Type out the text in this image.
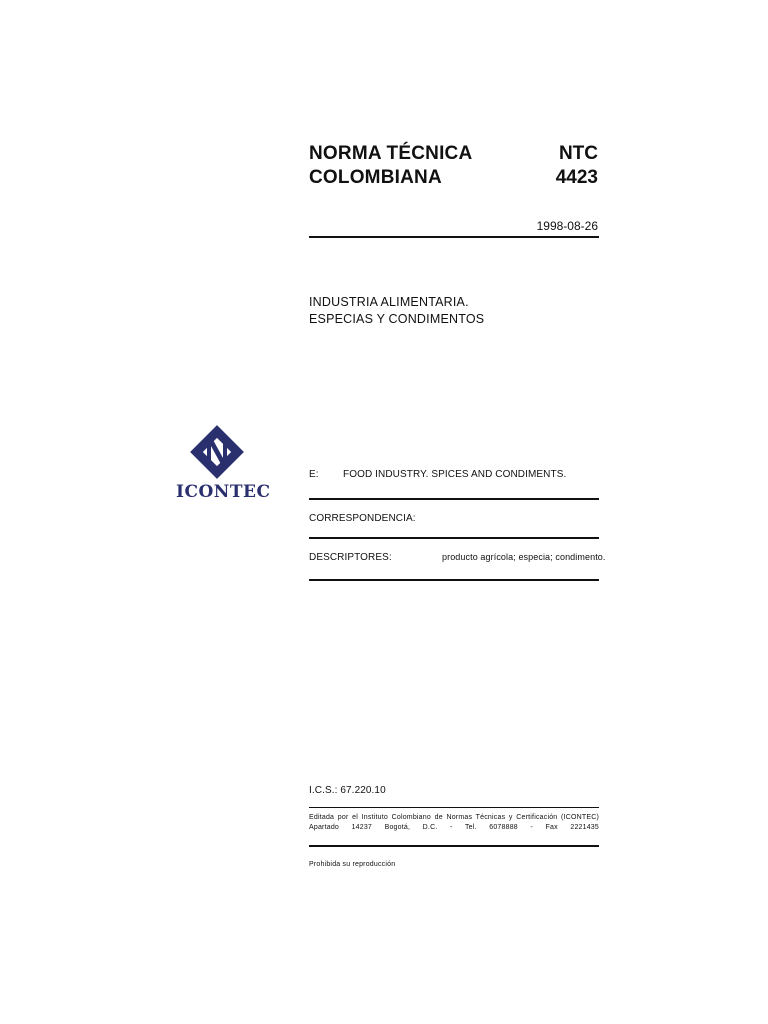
NORMA TÉCNICA
COLOMBIANA
NTC
4423
1998-08-26
INDUSTRIA ALIMENTARIA.
ESPECIAS Y CONDIMENTOS
ICONTEC
E: FOOD INDUSTRY. SPICES AND CONDIMENTS.
CORRESPONDENCIA:
DESCRIPTORES:	producto agrícola; especia; condimento.
I.C.S.: 67.220.10
Editada por el Instituto Colombiano de Normas Técnicas y Certificación (ICONTEC)
Apartado 14237 Bogotá, D.C. - Tel. 6078888 - Fax 2221435
Prohibida su reproducción
